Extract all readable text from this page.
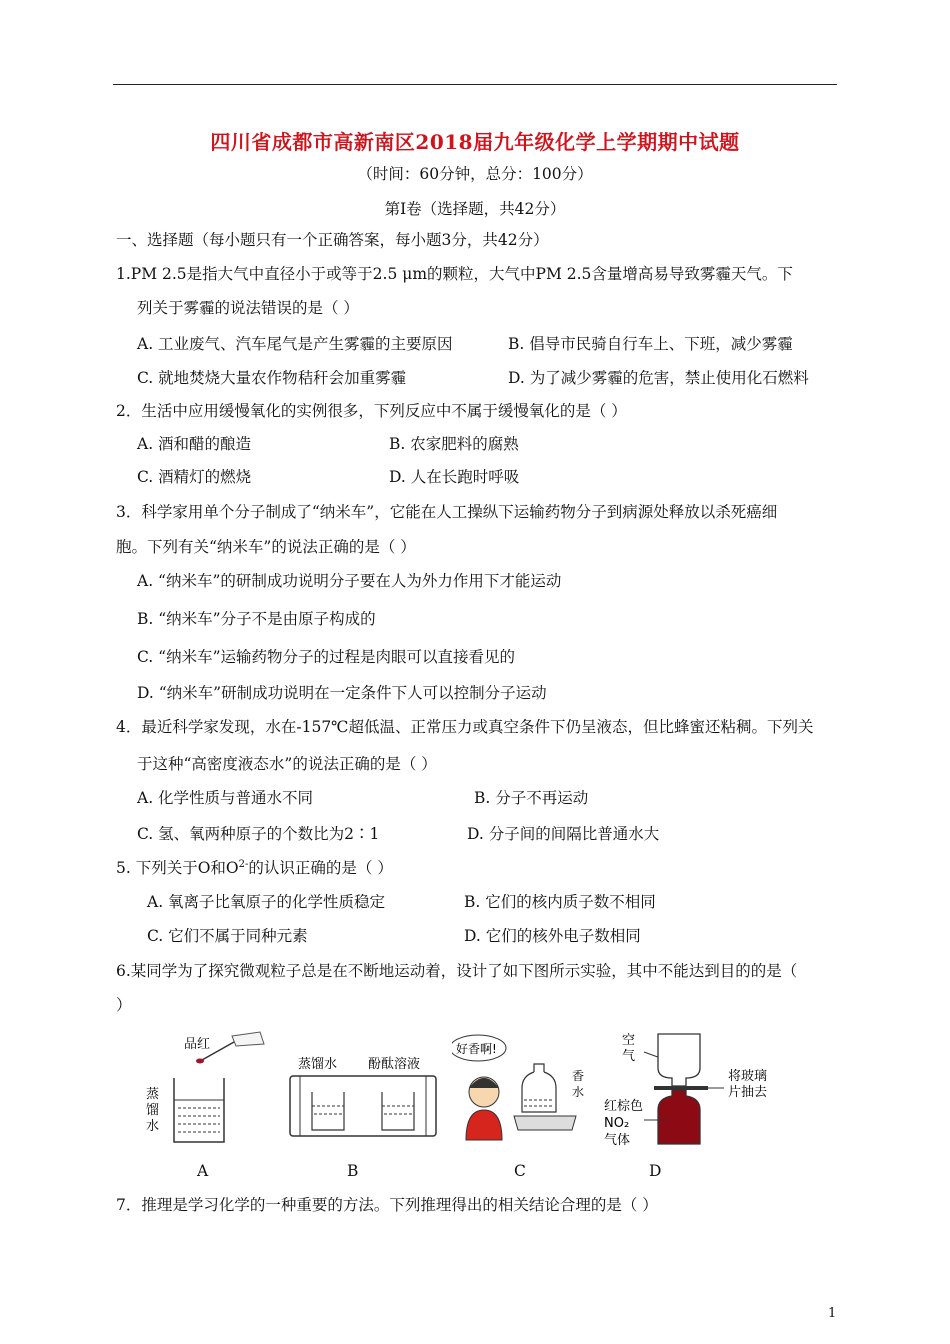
四川省成都市高新南区2018届九年级化学上学期期中试题
（时间：60分钟，总分：100分）
第Ⅰ卷（选择题，共42分）
一、选择题（每小题只有一个正确答案，每小题3分，共42分）
1.PM 2.5是指大气中直径小于或等于2.5 μm的颗粒，大气中PM 2.5含量增高易导致雾霾天气。下
列关于雾霾的说法错误的是（ ）
A. 工业废气、汽车尾气是产生雾霾的主要原因	B. 倡导市民骑自行车上、下班，减少雾霾
C. 就地焚烧大量农作物秸秆会加重雾霾	D. 为了减少雾霾的危害，禁止使用化石燃料
2．生活中应用缓慢氧化的实例很多，下列反应中不属于缓慢氧化的是（ ）
A. 酒和醋的酿造	B. 农家肥料的腐熟
C. 酒精灯的燃烧	D. 人在长跑时呼吸
3．科学家用单个分子制成了“纳米车”，它能在人工操纵下运输药物分子到病源处释放以杀死癌细
胞。下列有关“纳米车”的说法正确的是（ ）
A. “纳米车”的研制成功说明分子要在人为外力作用下才能运动
B. “纳米车”分子不是由原子构成的
C. “纳米车”运输药物分子的过程是肉眼可以直接看见的
D. “纳米车”研制成功说明在一定条件下人可以控制分子运动
4．最近科学家发现，水在-157℃超低温、正常压力或真空条件下仍呈液态，但比蜂蜜还粘稠。下列关
于这种“高密度液态水”的说法正确的是（ ）
A. 化学性质与普通水不同	B. 分子不再运动
C. 氢、氧两种原子的个数比为2∶1	D. 分子间的间隔比普通水大
5. 下列关于O和$O^{2-}$的认识正确的是（ ）
A. 氧离子比氧原子的化学性质稳定	B. 它们的核内质子数不相同
C. 它们不属于同种元素	D. 它们的核外电子数相同
6.某同学为了探究微观粒子总是在不断地运动着，设计了如下图所示实验，其中不能达到目的的是（
）
品红
蒸
馏
水
A
蒸馏水 酚酞溶液
B
好香啊!
香
水
C
空
气
将玻璃
片抽去
红棕色
NO₂
气体
D
7．推理是学习化学的一种重要的方法。下列推理得出的相关结论合理的是（ ）
1
